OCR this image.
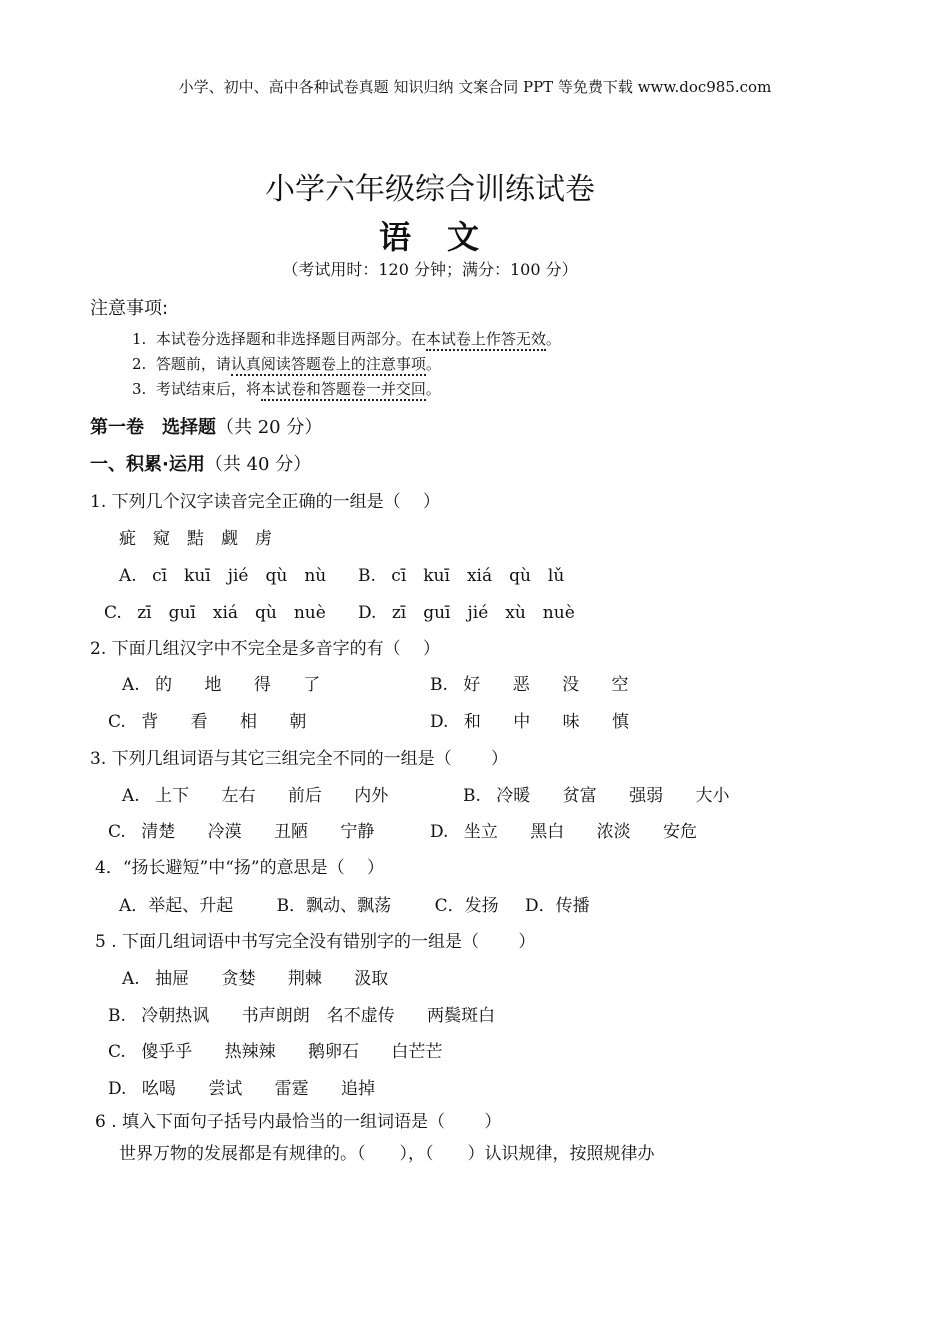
小学、初中、高中各种试卷真题 知识归纳 文案合同 PPT 等免费下载 www.doc985.com
小学六年级综合训练试卷
语　文
（考试用时：120 分钟；满分：100 分）
注意事项:
1. 本试卷分选择题和非选择题目两部分。在本试卷上作答无效。
2. 答题前，请认真阅读答题卷上的注意事项。
3. 考试结束后，将本试卷和答题卷一并交回。
第一卷　选择题（共 20 分）
一、积累·运用（共 40 分）
1. 下列几个汉字读音完全正确的一组是（　 ）
疵　窥　黠　觑　虏
A. cī　kuī　jié　qù　nù B. cī　kuī　xiá　qù　lǔ
C. zī　guī　xiá　qù　nuè D. zī　guī　jié　xù　nuè
2. 下面几组汉字中不完全是多音字的有（　 ）
A. 的　 地　 得　 了	B. 好　 恶　 没　 空
C. 背　 看　 相　 朝	D. 和　 中　 味　 慎
3. 下列几组词语与其它三组完全不同的一组是（　　 ）
A. 上下　 左右　 前后　 内外	B. 冷暖　 贫富　 强弱　 大小
C. 清楚　 冷漠　 丑陋　 宁静	D. 坐立　 黑白　 浓淡　 安危
4．“扬长避短”中“扬”的意思是（　 ）
A．举起、升起　　 B．飘动、飘荡　　 C．发扬　 D．传播
5 . 下面几组词语中书写完全没有错别字的一组是（　　 ）
A. 抽屉　 贪婪　 荆棘　 汲取
B. 冷朝热讽　 书声朗朗　名不虚传　 两鬓斑白
C. 傻乎乎　 热辣辣　 鹅卵石　 白芒芒
D. 吆喝　 尝试　 雷霆　 追掉
6 . 填入下面句子括号内最恰当的一组词语是（　　 ）
世界万物的发展都是有规律的。（　　），（　　）认识规律，按照规律办
